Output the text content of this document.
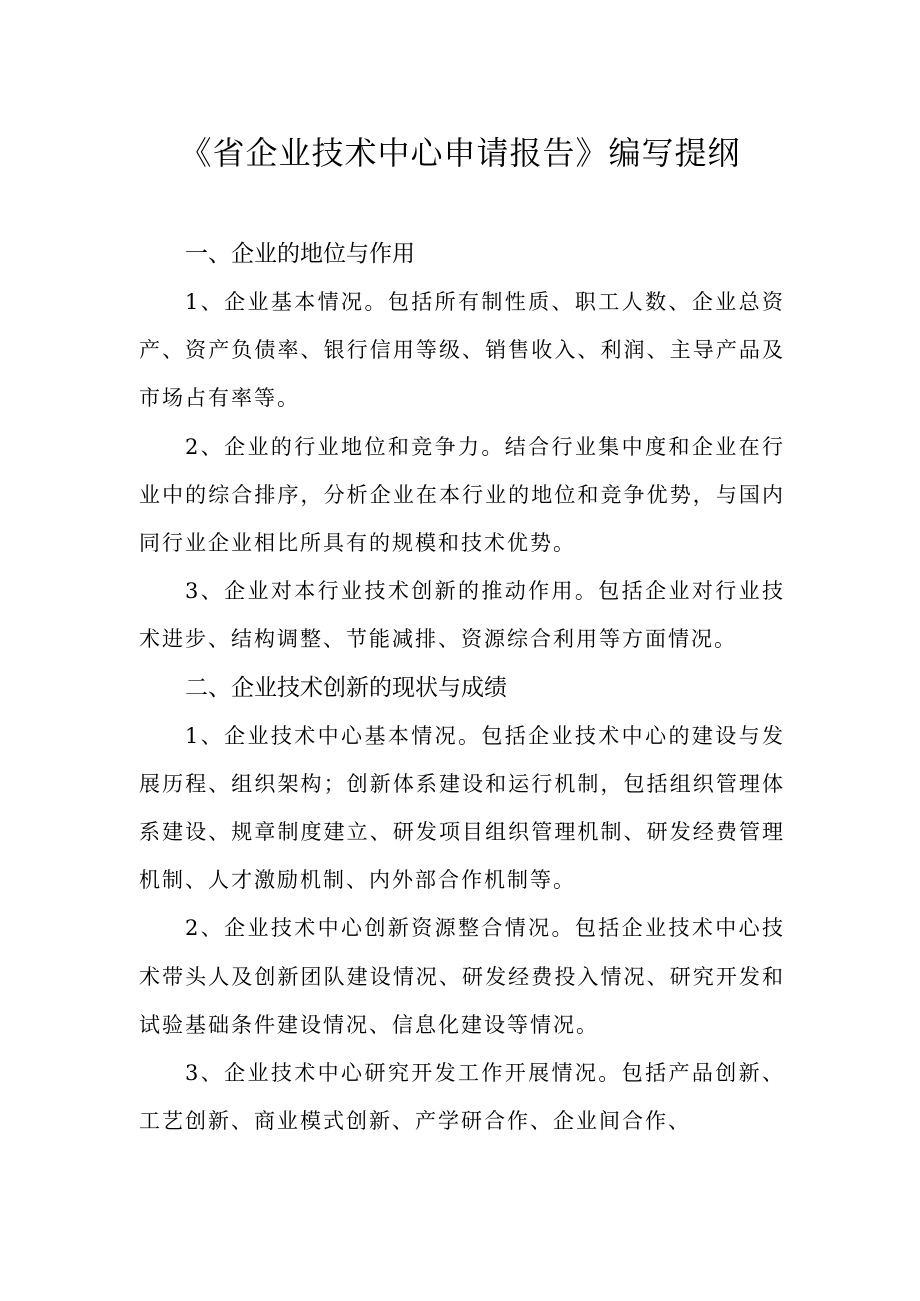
《省企业技术中心申请报告》编写提纲
一、企业的地位与作用

1、企业基本情况。包括所有制性质、职工人数、企业总资产、资产负债率、银行信用等级、销售收入、利润、主导产品及市场占有率等。

2、企业的行业地位和竞争力。结合行业集中度和企业在行业中的综合排序，分析企业在本行业的地位和竞争优势，与国内同行业企业相比所具有的规模和技术优势。

3、企业对本行业技术创新的推动作用。包括企业对行业技术进步、结构调整、节能减排、资源综合利用等方面情况。

二、企业技术创新的现状与成绩

1、企业技术中心基本情况。包括企业技术中心的建设与发展历程、组织架构；创新体系建设和运行机制，包括组织管理体系建设、规章制度建立、研发项目组织管理机制、研发经费管理机制、人才激励机制、内外部合作机制等。

2、企业技术中心创新资源整合情况。包括企业技术中心技术带头人及创新团队建设情况、研发经费投入情况、研究开发和试验基础条件建设情况、信息化建设等情况。

3、企业技术中心研究开发工作开展情况。包括产品创新、工艺创新、商业模式创新、产学研合作、企业间合作、
